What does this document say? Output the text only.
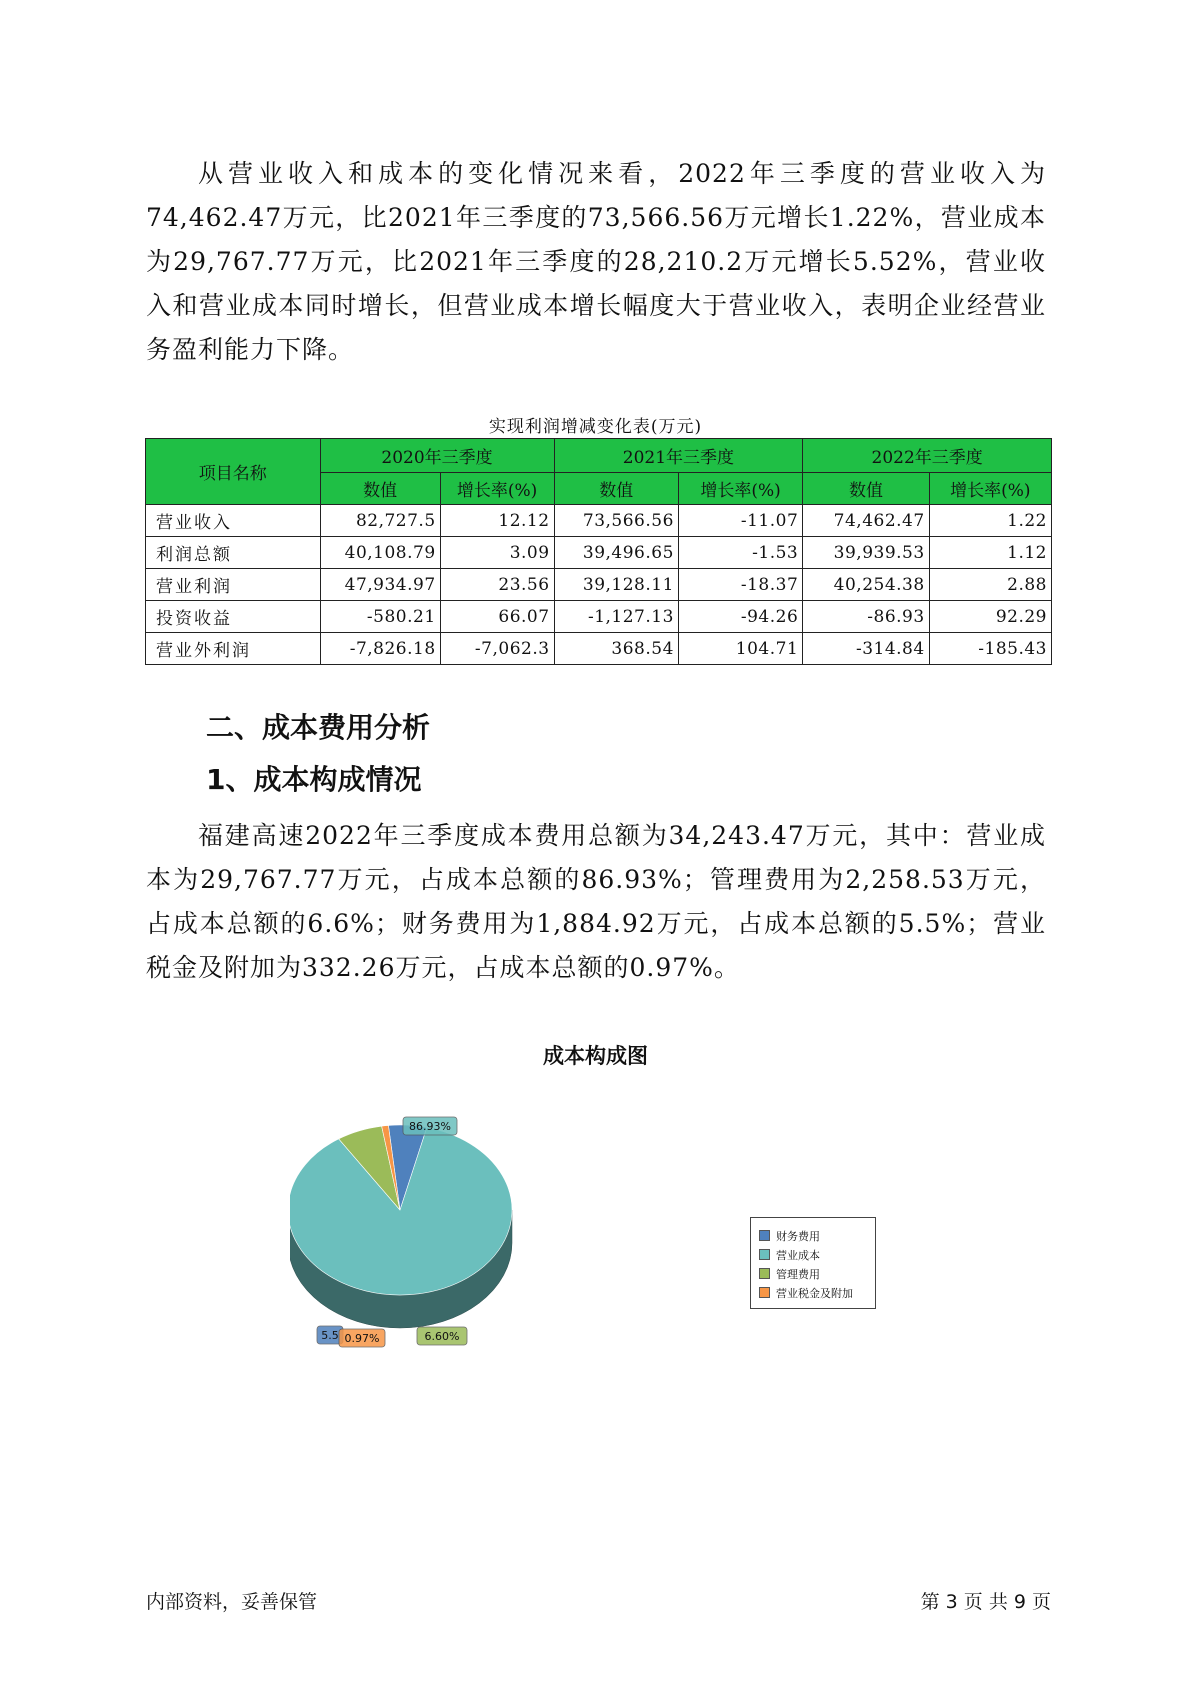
从营业收入和成本的变化情况来看，2022年三季度的营业收入为74,462.47万元，比2021年三季度的73,566.56万元增长1.22%，营业成本为29,767.77万元，比2021年三季度的28,210.2万元增长5.52%，营业收入和营业成本同时增长，但营业成本增长幅度大于营业收入，表明企业经营业务盈利能力下降。

实现利润增减变化表(万元)
项目名称	2020年三季度		2021年三季度		2022年三季度	
	数值	增长率(%)	数值	增长率(%)	数值	增长率(%)
营业收入	82,727.5	12.12	73,566.56	-11.07	74,462.47	1.22
利润总额	40,108.79	3.09	39,496.65	-1.53	39,939.53	1.12
营业利润	47,934.97	23.56	39,128.11	-18.37	40,254.38	2.88
投资收益	-580.21	66.07	-1,127.13	-94.26	-86.93	92.29
营业外利润	-7,826.18	-7,062.3	368.54	104.71	-314.84	-185.43
二、成本费用分析
1、成本构成情况

福建高速2022年三季度成本费用总额为34,243.47万元，其中：营业成本为29,767.77万元，占成本总额的86.93%；管理费用为2,258.53万元，占成本总额的6.6%；财务费用为1,884.92万元，占成本总额的5.5%；营业税金及附加为332.26万元，占成本总额的0.97%。

成本构成图
5.5
86.93%
6.60%
0.97%
财务费用
营业成本
管理费用
营业税金及附加
内部资料，妥善保管	第 3 页 共 9 页
